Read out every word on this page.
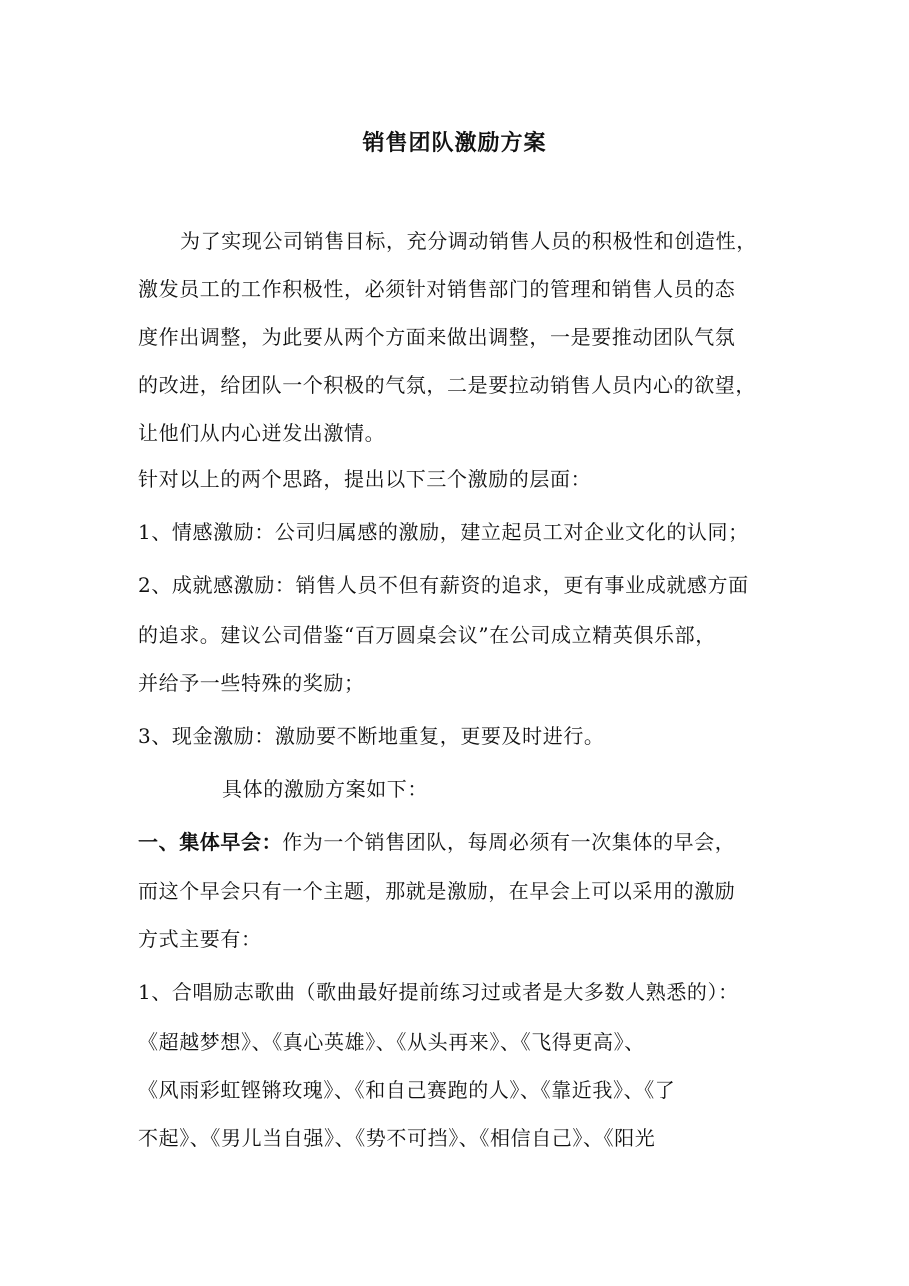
销售团队激励方案
为了实现公司销售目标，充分调动销售人员的积极性和创造性，
激发员工的工作积极性，必须针对销售部门的管理和销售人员的态
度作出调整，为此要从两个方面来做出调整，一是要推动团队气氛
的改进，给团队一个积极的气氛，二是要拉动销售人员内心的欲望，
让他们从内心迸发出激情。
针对以上的两个思路，提出以下三个激励的层面：
1、情感激励：公司归属感的激励，建立起员工对企业文化的认同；
2、成就感激励：销售人员不但有薪资的追求，更有事业成就感方面
的追求。建议公司借鉴“百万圆桌会议”在公司成立精英俱乐部，
并给予一些特殊的奖励；
3、现金激励：激励要不断地重复，更要及时进行。
具体的激励方案如下：
一、集体早会：作为一个销售团队，每周必须有一次集体的早会，
而这个早会只有一个主题，那就是激励，在早会上可以采用的激励
方式主要有：
1、合唱励志歌曲（歌曲最好提前练习过或者是大多数人熟悉的）：
《超越梦想》、《真心英雄》、《从头再来》、《飞得更高》、
《风雨彩虹铿锵玫瑰》、《和自己赛跑的人》、《靠近我》、《了
不起》、《男儿当自强》、《势不可挡》、《相信自己》、《阳光
